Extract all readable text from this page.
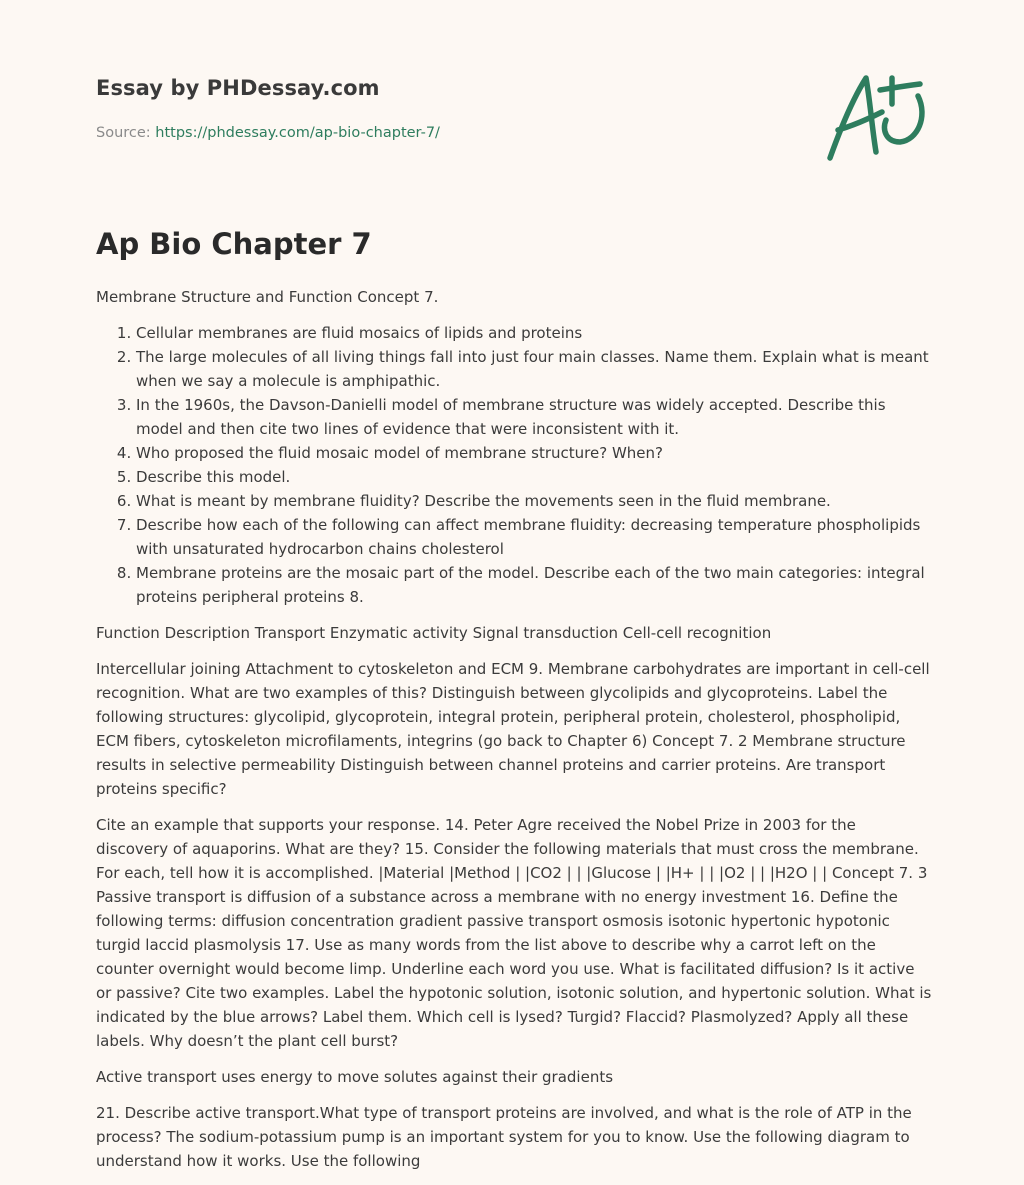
Essay by PHDessay.com
Source: https://phdessay.com/ap-bio-chapter-7/
Ap Bio Chapter 7

Membrane Structure and Function Concept 7.

1. Cellular membranes are fluid mosaics of lipids and proteins
2. The large molecules of all living things fall into just four main classes. Name them. Explain what is meant when we say a molecule is amphipathic.
3. In the 1960s, the Davson-Danielli model of membrane structure was widely accepted. Describe this model and then cite two lines of evidence that were inconsistent with it.
4. Who proposed the fluid mosaic model of membrane structure? When?
5. Describe this model.
6. What is meant by membrane fluidity? Describe the movements seen in the fluid membrane.
7. Describe how each of the following can affect membrane fluidity: decreasing temperature phospholipids with unsaturated hydrocarbon chains cholesterol
8. Membrane proteins are the mosaic part of the model. Describe each of the two main categories: integral proteins peripheral proteins 8.

Function Description Transport Enzymatic activity Signal transduction Cell-cell recognition

Intercellular joining Attachment to cytoskeleton and ECM 9. Membrane carbohydrates are important in cell-cell recognition. What are two examples of this? Distinguish between glycolipids and glycoproteins. Label the following structures: glycolipid, glycoprotein, integral protein, peripheral protein, cholesterol, phospholipid, ECM fibers, cytoskeleton microfilaments, integrins (go back to Chapter 6) Concept 7. 2 Membrane structure results in selective permeability Distinguish between channel proteins and carrier proteins. Are transport proteins specific?

Cite an example that supports your response. 14. Peter Agre received the Nobel Prize in 2003 for the discovery of aquaporins. What are they? 15. Consider the following materials that must cross the membrane. For each, tell how it is accomplished. |Material |Method | |CO2 | | |Glucose | |H+ | | |O2 | | |H2O | | Concept 7. 3 Passive transport is diffusion of a substance across a membrane with no energy investment 16. Define the following terms: diffusion concentration gradient passive transport osmosis isotonic hypertonic hypotonic turgid laccid plasmolysis 17. Use as many words from the list above to describe why a carrot left on the counter overnight would become limp. Underline each word you use. What is facilitated diffusion? Is it active or passive? Cite two examples. Label the hypotonic solution, isotonic solution, and hypertonic solution. What is indicated by the blue arrows? Label them. Which cell is lysed? Turgid? Flaccid? Plasmolyzed? Apply all these labels. Why doesn’t the plant cell burst?

Active transport uses energy to move solutes against their gradients

21. Describe active transport.What type of transport proteins are involved, and what is the role of ATP in the process? The sodium-potassium pump is an important system for you to know. Use the following diagram to understand how it works. Use the following
